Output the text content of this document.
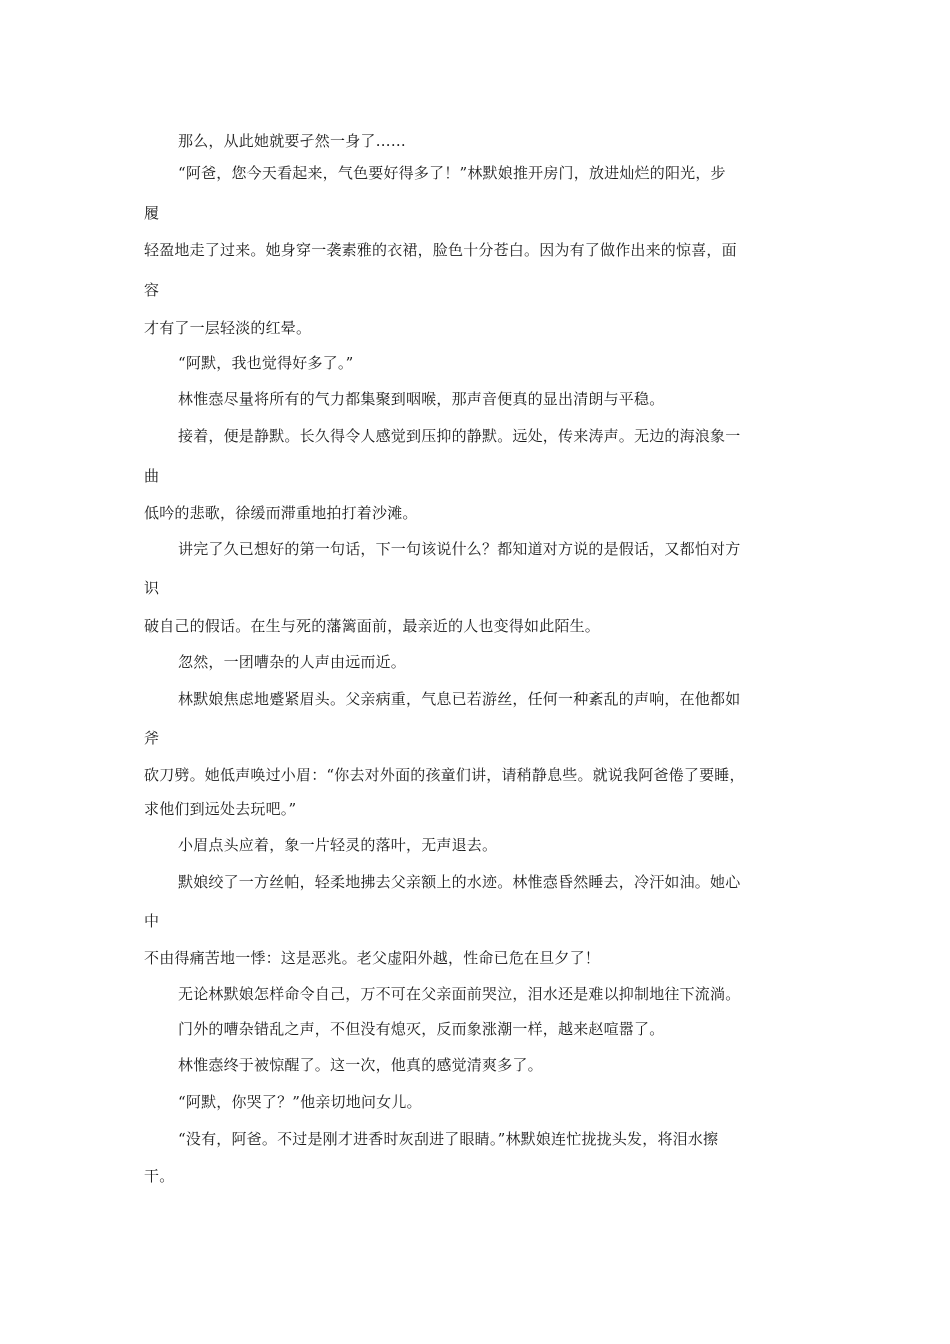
那么，从此她就要孑然一身了……
“阿爸，您今天看起来，气色要好得多了！”林默娘推开房门，放进灿烂的阳光，步
履
轻盈地走了过来。她身穿一袭素雅的衣裙，脸色十分苍白。因为有了做作出来的惊喜，面
容
才有了一层轻淡的红晕。
“阿默，我也觉得好多了。”
林惟悫尽量将所有的气力都集聚到咽喉，那声音便真的显出清朗与平稳。
接着，便是静默。长久得令人感觉到压抑的静默。远处，传来涛声。无边的海浪象一
曲
低吟的悲歌，徐缓而滞重地拍打着沙滩。
讲完了久已想好的第一句话，下一句该说什么？都知道对方说的是假话，又都怕对方
识
破自己的假话。在生与死的藩篱面前，最亲近的人也变得如此陌生。
忽然，一团嘈杂的人声由远而近。
林默娘焦虑地蹙紧眉头。父亲病重，气息已若游丝，任何一种紊乱的声响，在他都如
斧
砍刀劈。她低声唤过小眉：“你去对外面的孩童们讲，请稍静息些。就说我阿爸倦了要睡，
求他们到远处去玩吧。”
小眉点头应着，象一片轻灵的落叶，无声退去。
默娘绞了一方丝帕，轻柔地拂去父亲额上的水迹。林惟悫昏然睡去，冷汗如油。她心
中
不由得痛苦地一悸：这是恶兆。老父虚阳外越，性命已危在旦夕了！
无论林默娘怎样命令自己，万不可在父亲面前哭泣，泪水还是难以抑制地往下流淌。
门外的嘈杂错乱之声，不但没有熄灭，反而象涨潮一样，越来赵喧嚣了。
林惟悫终于被惊醒了。这一次，他真的感觉清爽多了。
“阿默，你哭了？”他亲切地问女儿。
“没有，阿爸。不过是刚才进香时灰刮进了眼睛。”林默娘连忙拢拢头发，将泪水擦
干。
